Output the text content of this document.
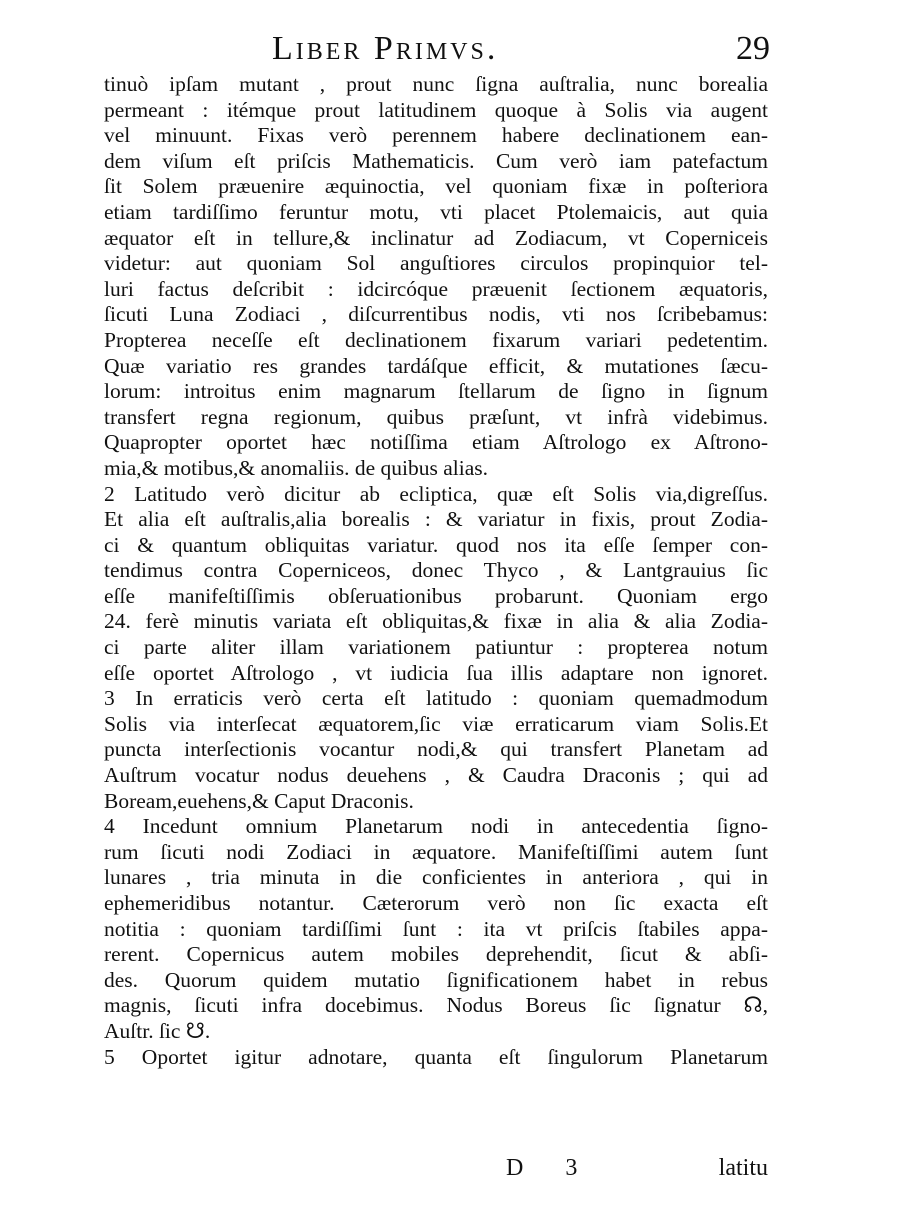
Liber Primvs.	29
tinuò ipſam mutant , prout nunc ſigna auſtralia, nunc borealia
permeant : itémque prout latitudinem quoque à Solis via augent
vel minuunt. Fixas verò perennem habere declinationem ean-
dem viſum eſt priſcis Mathematicis. Cum verò iam patefactum
ſit Solem præuenire æquinoctia, vel quoniam fixæ in poſteriora
etiam tardiſſimo feruntur motu, vti placet Ptolemaicis, aut quia
æquator eſt in tellure,& inclinatur ad Zodiacum, vt Coperniceis
videtur: aut quoniam Sol anguſtiores circulos propinquior tel-
luri factus deſcribit : idcircóque præuenit ſectionem æquatoris,
ſicuti Luna Zodiaci , diſcurrentibus nodis, vti nos ſcribebamus:
Propterea neceſſe eſt declinationem fixarum variari pedetentim.
Quæ variatio res grandes tardáſque efficit, & mutationes ſæcu-
lorum: introitus enim magnarum ſtellarum de ſigno in ſignum
transfert regna regionum, quibus præſunt, vt infrà videbimus.
Quapropter oportet hæc notiſſima etiam Aſtrologo ex Aſtrono-
mia,& motibus,& anomaliis. de quibus alias.
2 Latitudo verò dicitur ab ecliptica, quæ eſt Solis via,digreſſus.
Et alia eſt auſtralis,alia borealis : & variatur in fixis, prout Zodia-
ci & quantum obliquitas variatur. quod nos ita eſſe ſemper con-
tendimus contra Coperniceos, donec Thyco , & Lantgrauius ſic
eſſe manifeſtiſſimis obſeruationibus probarunt. Quoniam ergo
24. ferè minutis variata eſt obliquitas,& fixæ in alia & alia Zodia-
ci parte aliter illam variationem patiuntur : propterea notum
eſſe oportet Aſtrologo , vt iudicia ſua illis adaptare non ignoret.
3 In erraticis verò certa eſt latitudo : quoniam quemadmodum
Solis via interſecat æquatorem,ſic viæ erraticarum viam Solis.Et
puncta interſectionis vocantur nodi,& qui transfert Planetam ad
Auſtrum vocatur nodus deuehens , & Caudra Draconis ; qui ad
Boream,euehens,& Caput Draconis.
4 Incedunt omnium Planetarum nodi in antecedentia ſigno-
rum ſicuti nodi Zodiaci in æquatore. Manifeſtiſſimi autem ſunt
lunares , tria minuta in die conficientes in anteriora , qui in
ephemeridibus notantur. Cæterorum verò non ſic exacta eſt
notitia : quoniam tardiſſimi ſunt : ita vt priſcis ſtabiles appa-
rerent. Copernicus autem mobiles deprehendit, ſicut & abſi-
des. Quorum quidem mutatio ſignificationem habet in rebus
magnis, ſicuti infra docebimus. Nodus Boreus ſic ſignatur ☊,
Auſtr. ſic ☋.
5 Oportet igitur adnotare, quanta eſt ſingulorum Planetarum
D 3	latitu
